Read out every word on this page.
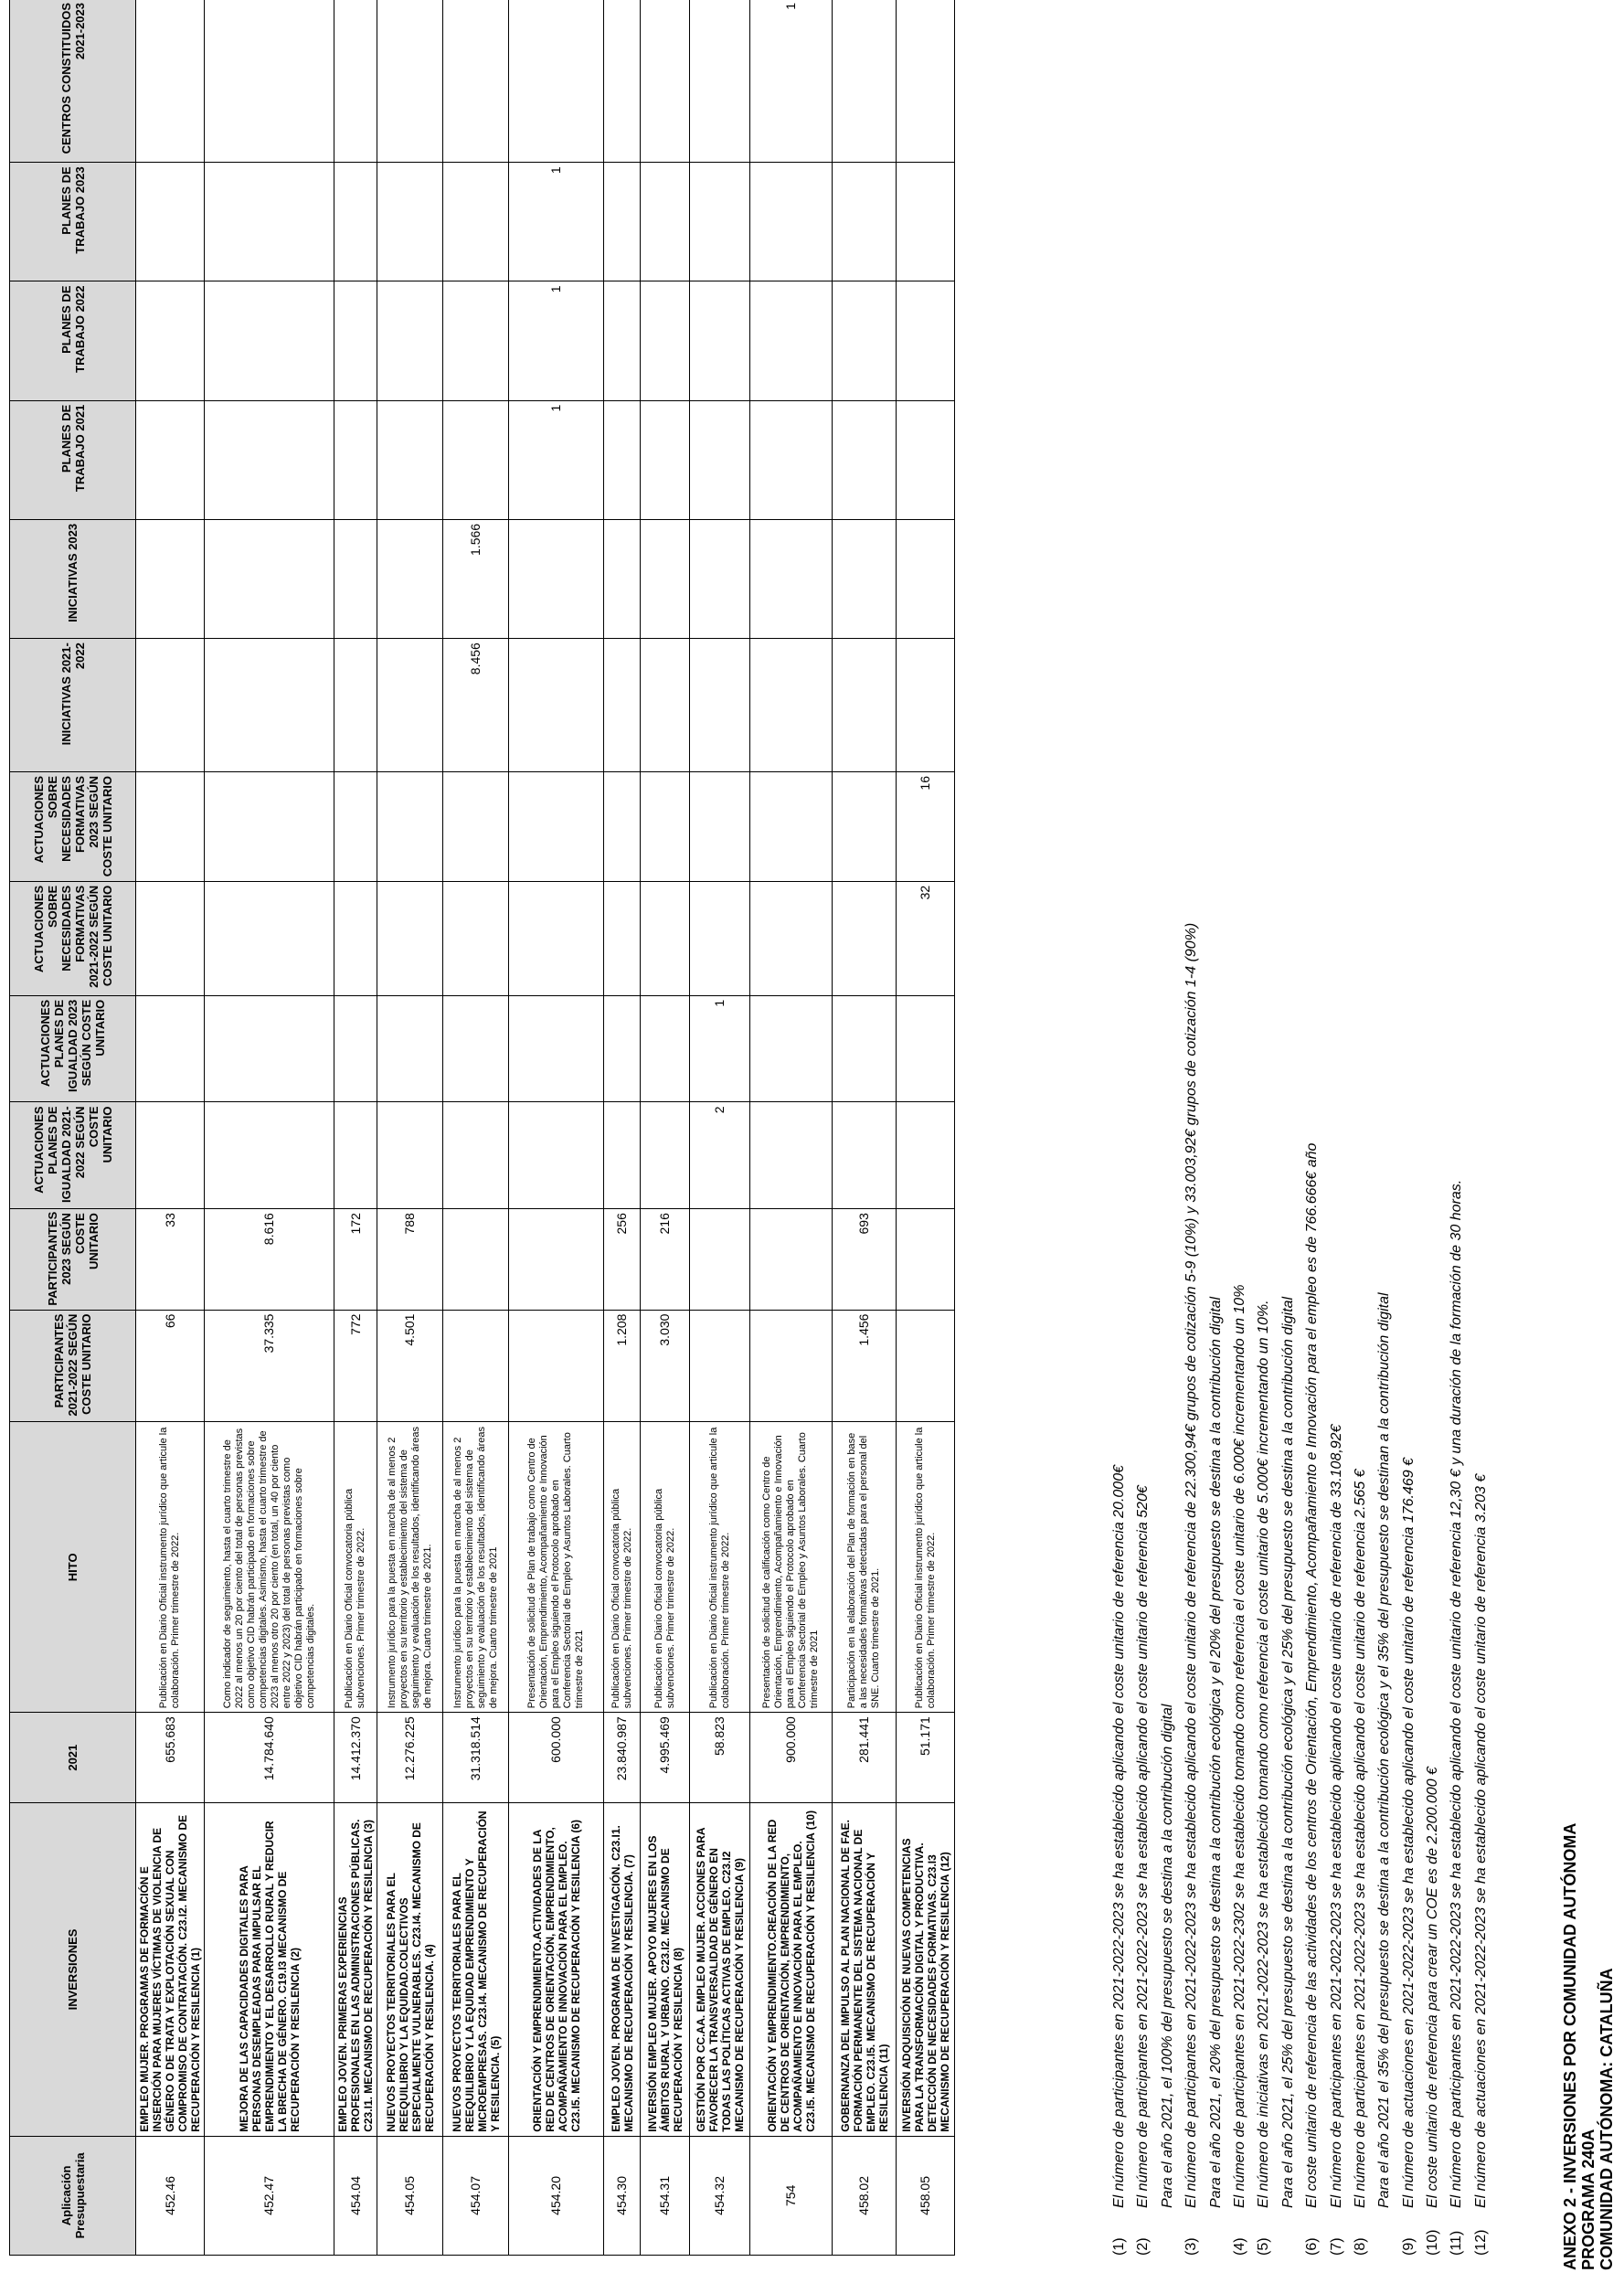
Aplicación Presupuestaria	INVERSIONES	2021	HITO	PARTICIPANTES 2021-2022 SEGÚN COSTE UNITARIO	PARTICIPANTES 2023 SEGÚN COSTE UNITARIO	ACTUACIONES PLANES DE IGUALDAD 2021-2022 SEGÚN COSTE UNITARIO	ACTUACIONES PLANES DE IGUALDAD 2023 SEGÚN COSTE UNITARIO	ACTUACIONES SOBRE NECESIDADES FORMATIVAS 2021-2022 SEGÚN COSTE UNITARIO	ACTUACIONES SOBRE NECESIDADES FORMATIVAS 2023 SEGÚN COSTE UNITARIO	INICIATIVAS 2021-2022	INICIATIVAS 2023	PLANES DE TRABAJO 2021	PLANES DE TRABAJO 2022	PLANES DE TRABAJO 2023	CENTROS CONSTITUIDOS 2021-2023
452.46	EMPLEO MUJER. PROGRAMAS DE FORMACIÓN E INSERCIÓN PARA MUJERES VÍCTIMAS DE VIOLENCIA DE GÉNERO O DE TRATA Y EXPLOTACIÓN SEXUAL CON COMPROMISO DE CONTRATACIÓN. C23.I2. MECANISMO DE RECUPERACIÓN Y RESILENCIA (1)	655.683	Publicación en Diario Oficial instrumento jurídico que articule la colaboración. Primer trimestre de 2022.	66	33										
452.47	MEJORA DE LAS CAPACIDADES DIGITALES PARA PERSONAS DESEMPLEADAS PARA IMPULSAR EL EMPRENDIMIENTO Y EL DESARROLLO RURAL Y REDUCIR LA BRECHA DE GÉNERO. C19.I3 MECANISMO DE RECUPERACIÓN Y RESILENCIA (2)	14.784.640	Como indicador de seguimiento, hasta el cuarto trimestre de 2022 al menos un 20 por ciento del total de personas previstas como objetivo CID habrán participado en formaciones sobre competencias digitales. Asimismo, hasta el cuarto trimestre de 2023 al menos otro 20 por ciento (en total, un 40 por ciento entre 2022 y 2023) del total de personas previstas como objetivo CID habrán participado en formaciones sobre competencias digitales.	37.335	8.616										
454.04	EMPLEO JOVEN. PRIMERAS EXPERIENCIAS PROFESIONALES EN LAS ADMINISTRACIONES PÚBLICAS. C23.I1. MECANISMO DE RECUPERACIÓN Y RESILENCIA (3)	14.412.370	Publicación en Diario Oficial convocatoria pública subvenciones. Primer trimestre de 2022.	772	172										
454.05	NUEVOS PROYECTOS TERRITORIALES PARA EL REEQUILIBRIO Y LA EQUIDAD.COLECTIVOS ESPECIALMENTE VULNERABLES. C23.I4. MECANISMO DE RECUPERACIÓN Y RESILENCIA. (4)	12.276.225	Instrumento jurídico para la puesta en marcha de al menos 2 proyectos en su territorio y establecimiento del sistema de seguimiento y evaluación de los resultados, identificando áreas de mejora. Cuarto trimestre de 2021.	4.501	788										
454.07	NUEVOS PROYECTOS TERRITORIALES PARA EL REEQUILIBRIO Y LA EQUIDAD EMPRENDIMIENTO Y MICROEMPRESAS. C23.I4. MECANISMO DE RECUPERACIÓN Y RESILENCIA. (5)	31.318.514	Instrumento jurídico para la puesta en marcha de al menos 2 proyectos en su territorio y establecimiento del sistema de seguimiento y evaluación de los resultados, identificando áreas de mejora. Cuarto trimestre de 2021							8.456	1.566				
454.20	ORIENTACIÓN Y EMPRENDIMIENTO.ACTIVIDADES DE LA RED DE CENTROS DE ORIENTACIÓN, EMPRENDIMIENTO, ACOMPAÑAMIENTO E INNOVACIÓN PARA EL EMPLEO. C23.I5. MECANISMO DE RECUPERACIÓN Y RESILENCIA (6)	600.000	Presentación de solicitud de Plan de trabajo como Centro de Orientación, Emprendimiento, Acompañamiento e Innovación para el Empleo siguiendo el Protocolo aprobado en Conferencia Sectorial de Empleo y Asuntos Laborales. Cuarto trimestre de 2021									1	1	1	
454.30	EMPLEO JOVEN. PROGRAMA DE INVESTIGACIÓN. C23.I1. MECANISMO DE RECUPERACIÓN Y RESILENCIA. (7)	23.840.987	Publicación en Diario Oficial convocatoria pública subvenciones. Primer trimestre de 2022.	1.208	256										
454.31	INVERSIÓN EMPLEO MUJER. APOYO MUJERES EN LOS ÁMBITOS RURAL Y URBANO. C23.I2. MECANISMO DE RECUPERACIÓN Y RESILENCIA (8)	4.995.469	Publicación en Diario Oficial convocatoria pública subvenciones. Primer trimestre de 2022.	3.030	216										
454.32	GESTIÓN POR CC.AA. EMPLEO MUJER. ACCIONES PARA FAVORECER LA TRANSVERSALIDAD DE GÉNERO EN TODAS LAS POLÍTICAS ACTIVAS DE EMPLEO. C23.I2 MECANISMO DE RECUPERACIÓN Y RESILENCIA (9)	58.823	Publicación en Diario Oficial instrumento jurídico que articule la colaboración. Primer trimestre de 2022.			2	1								
754	ORIENTACIÓN Y EMPRENDIMIENTO.CREACIÓN DE LA RED DE CENTROS DE ORIENTACIÓN, EMPRENDIMIENTO, ACOMPAÑAMIENTO E INNOVACIÓN PARA EL EMPLEO. C23.I5. MECANISMO DE RECUPERACIÓN Y RESILIENCIA (10)	900.000	Presentación de solicitud de calificación como Centro de Orientación, Emprendimiento, Acompañamiento e Innovación para el Empleo siguiendo el Protocolo aprobado en Conferencia Sectorial de Empleo y Asuntos Laborales. Cuarto trimestre de 2021												1
458.02	GOBERNANZA DEL IMPULSO AL PLAN NACIONAL DE FAE. FORMACIÓN PERMANENTE DEL SISTEMA NACIONAL DE EMPLEO. C23.I5. MECANISMO DE RECUPERACIÓN Y RESILENCIA (11)	281.441	Participación en la elaboración del Plan de formación en base a las necesidades formativas detectadas para el personal del SNE. Cuarto trimestre de 2021.	1.456	693										
458.05	INVERSIÓN ADQUISICIÓN DE NUEVAS COMPETENCIAS PARA LA TRANSFORMACIÓN DIGITAL Y PRODUCTIVA. DETECCIÓN DE NECESIDADES FORMATIVAS. C23.I3 MECANISMO DE RECUPERACIÓN Y RESILENCIA (12)	51.171	Publicación en Diario Oficial instrumento jurídico que articule la colaboración. Primer trimestre de 2022.					32	16						
(1)El número de participantes en 2021-2022-2023 se ha establecido aplicando el coste unitario de referencia 20.000€
(2)El número de participantes en 2021-2022-2023 se ha establecido aplicando el coste unitario de referencia 520€ Para el año 2021, el 100% del presupuesto se destina a la contribución digital
(3)El número de participantes en 2021-2022-2023 se ha establecido aplicando el coste unitario de referencia de 22.300,94€ grupos de cotización 5-9 (10%) y 33.003,92€ grupos de cotización 1-4 (90%) Para el año 2021, el 20% del presupuesto se destina a la contribución ecológica y el 20% del presupuesto se destina a la contribución digital
(4)El número de participantes en 2021-2022-2302 se ha establecido tomando como referencia el coste unitario de 6.000€ incrementando un 10%
(5)El número de iniciativas en 2021-2022-2023 se ha establecido tomando como referencia el coste unitario de 5.000€ incrementando un 10%. Para el año 2021, el 25% del presupuesto se destina a la contribución ecológica y el 25% del presupuesto se destina a la contribución digital
(6)El coste unitario de referencia de las actividades de los centros de Orientación, Emprendimiento, Acompañamiento e Innovación para el empleo es de 766.666€ año
(7)El número de participantes en 2021-2022-2023 se ha establecido aplicando el coste unitario de referencia de 33.108,92€
(8)El número de participantes en 2021-2022-2023 se ha establecido aplicando el coste unitario de referencia 2.565 € Para el año 2021 el 35% del presupuesto se destina a la contribución ecológica y el 35% del presupuesto se destinan a la contribución digital
(9)El número de actuaciones en 2021-2022-2023 se ha establecido aplicando el coste unitario de referencia 176.469 €
(10)El coste unitario de referencia para crear un COE es de 2.200.000 €
(11)El número de participantes en 2021-2022-2023 se ha establecido aplicando el coste unitario de referencia 12,30 € y una duración de la formación de 30 horas.
(12)El número de actuaciones en 2021-2022-2023 se ha establecido aplicando el coste unitario de referencia 3.203 €	ANEXO 2 - INVERSIONES POR COMUNIDAD AUTÓNOMA PROGRAMA 240A COMUNIDAD AUTÓNOMA: CATALUÑA
